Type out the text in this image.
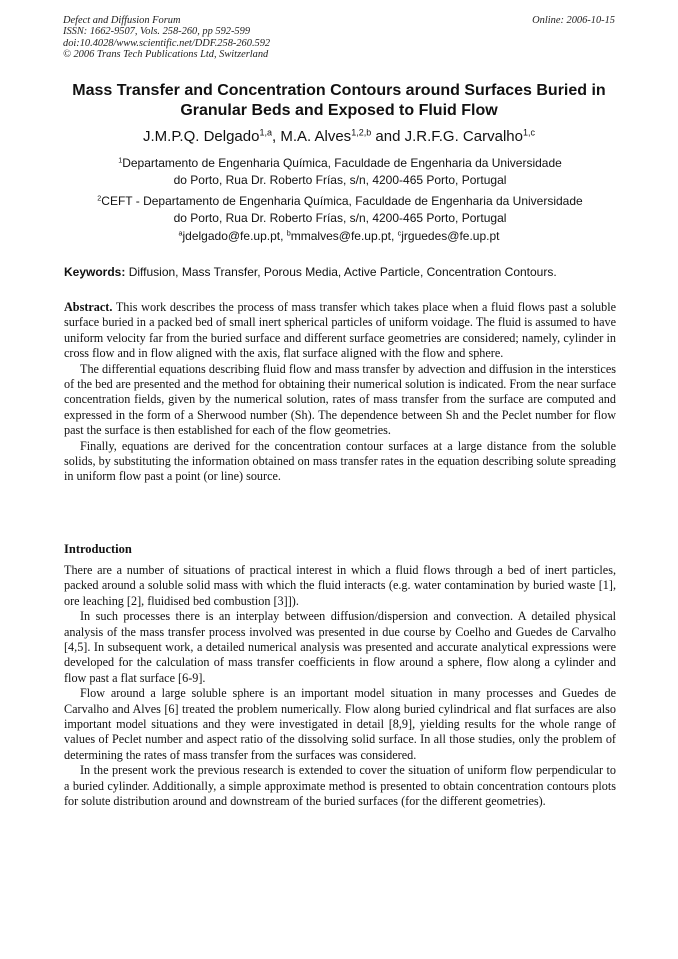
Defect and Diffusion Forum
ISSN: 1662-9507, Vols. 258-260, pp 592-599
doi:10.4028/www.scientific.net/DDF.258-260.592
© 2006 Trans Tech Publications Ltd, Switzerland
Online: 2006-10-15
Mass Transfer and Concentration Contours around Surfaces Buried in Granular Beds and Exposed to Fluid Flow
J.M.P.Q. Delgado$^{1,a}$, M.A. Alves$^{1,2,b}$ and J.R.F.G. Carvalho$^{1,c}$
$^1$Departamento de Engenharia Química, Faculdade de Engenharia da Universidade
do Porto, Rua Dr. Roberto Frías, s/n, 4200-465 Porto, Portugal
$^2$CEFT - Departamento de Engenharia Química, Faculdade de Engenharia da Universidade
do Porto, Rua Dr. Roberto Frías, s/n, 4200-465 Porto, Portugal
$^a$jdelgado@fe.up.pt, $^b$mmalves@fe.up.pt, $^c$jrguedes@fe.up.pt
Keywords: Diffusion, Mass Transfer, Porous Media, Active Particle, Concentration Contours.

Abstract. This work describes the process of mass transfer which takes place when a fluid flows past a soluble surface buried in a packed bed of small inert spherical particles of uniform voidage. The fluid is assumed to have uniform velocity far from the buried surface and different surface geometries are considered; namely, cylinder in cross flow and in flow aligned with the axis, flat surface aligned with the flow and sphere.

The differential equations describing fluid flow and mass transfer by advection and diffusion in the interstices of the bed are presented and the method for obtaining their numerical solution is indicated. From the near surface concentration fields, given by the numerical solution, rates of mass transfer from the surface are computed and expressed in the form of a Sherwood number (Sh). The dependence between Sh and the Peclet number for flow past the surface is then established for each of the flow geometries.

Finally, equations are derived for the concentration contour surfaces at a large distance from the soluble solids, by substituting the information obtained on mass transfer rates in the equation describing solute spreading in uniform flow past a point (or line) source.

Introduction

There are a number of situations of practical interest in which a fluid flows through a bed of inert particles, packed around a soluble solid mass with which the fluid interacts (e.g. water contamination by buried waste [1], ore leaching [2], fluidised bed combustion [3]]).

In such processes there is an interplay between diffusion/dispersion and convection. A detailed physical analysis of the mass transfer process involved was presented in due course by Coelho and Guedes de Carvalho [4,5]. In subsequent work, a detailed numerical analysis was presented and accurate analytical expressions were developed for the calculation of mass transfer coefficients in flow around a sphere, flow along a cylinder and flow past a flat surface [6-9].

Flow around a large soluble sphere is an important model situation in many processes and Guedes de Carvalho and Alves [6] treated the problem numerically. Flow along buried cylindrical and flat surfaces are also important model situations and they were investigated in detail [8,9], yielding results for the whole range of values of Peclet number and aspect ratio of the dissolving solid surface. In all those studies, only the problem of determining the rates of mass transfer from the surfaces was considered.

In the present work the previous research is extended to cover the situation of uniform flow perpendicular to a buried cylinder. Additionally, a simple approximate method is presented to obtain concentration contours plots for solute distribution around and downstream of the buried surfaces (for the different geometries).
